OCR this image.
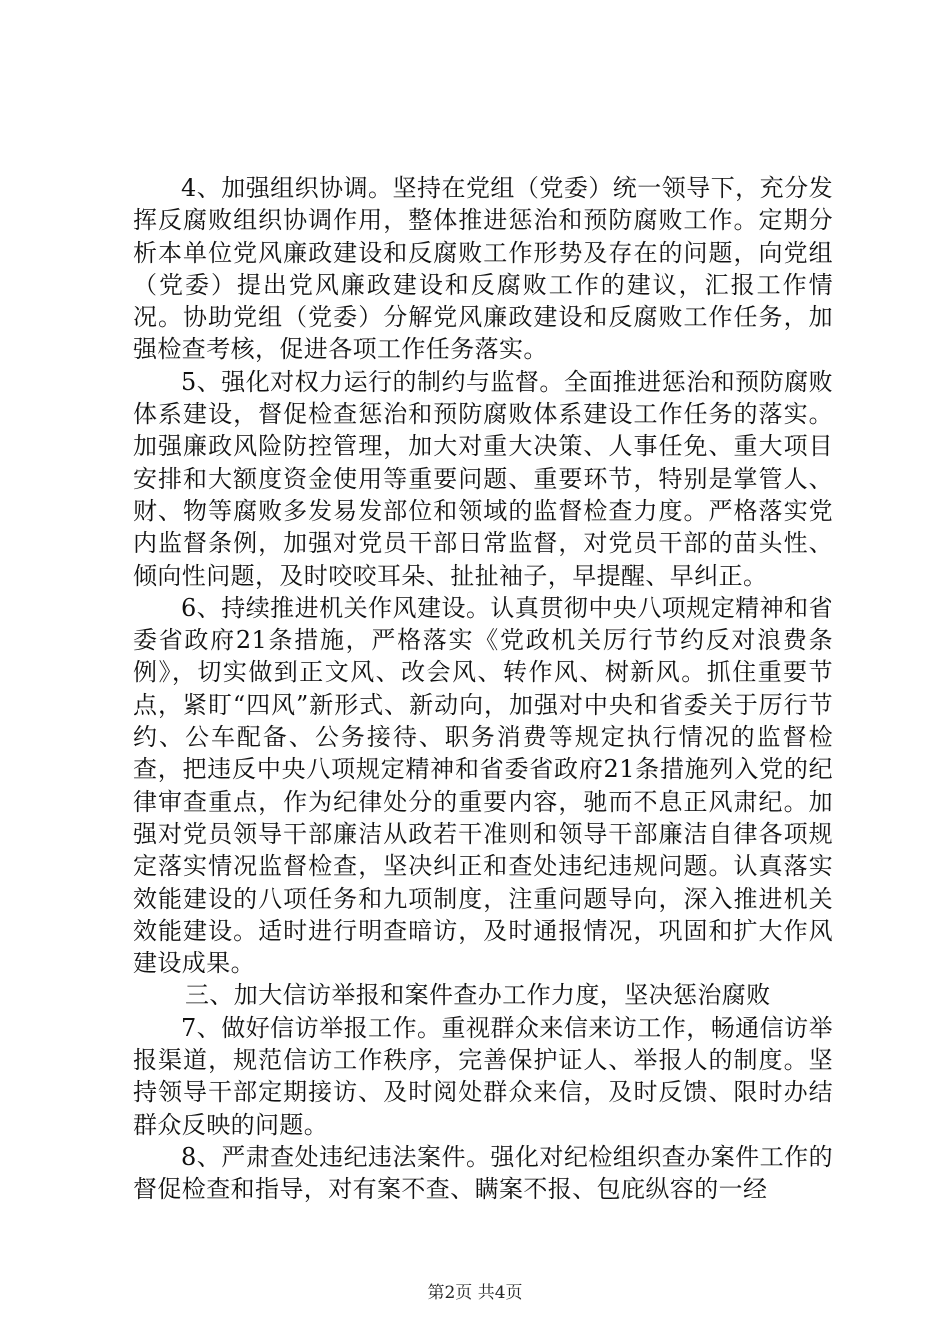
4、加强组织协调。坚持在党组（党委）统一领导下，充分发挥反腐败组织协调作用，整体推进惩治和预防腐败工作。定期分析本单位党风廉政建设和反腐败工作形势及存在的问题，向党组（党委）提出党风廉政建设和反腐败工作的建议，汇报工作情况。协助党组（党委）分解党风廉政建设和反腐败工作任务，加强检查考核，促进各项工作任务落实。

5、强化对权力运行的制约与监督。全面推进惩治和预防腐败体系建设，督促检查惩治和预防腐败体系建设工作任务的落实。加强廉政风险防控管理，加大对重大决策、人事任免、重大项目安排和大额度资金使用等重要问题、重要环节，特别是掌管人、财、物等腐败多发易发部位和领域的监督检查力度。严格落实党内监督条例，加强对党员干部日常监督，对党员干部的苗头性、倾向性问题，及时咬咬耳朵、扯扯袖子，早提醒、早纠正。

6、持续推进机关作风建设。认真贯彻中央八项规定精神和省委省政府21条措施，严格落实《党政机关厉行节约反对浪费条例》，切实做到正文风、改会风、转作风、树新风。抓住重要节点，紧盯“四风”新形式、新动向，加强对中央和省委关于厉行节约、公车配备、公务接待、职务消费等规定执行情况的监督检查，把违反中央八项规定精神和省委省政府21条措施列入党的纪律审查重点，作为纪律处分的重要内容，驰而不息正风肃纪。加强对党员领导干部廉洁从政若干准则和领导干部廉洁自律各项规定落实情况监督检查，坚决纠正和查处违纪违规问题。认真落实效能建设的八项任务和九项制度，注重问题导向，深入推进机关效能建设。适时进行明查暗访，及时通报情况，巩固和扩大作风建设成果。

三、加大信访举报和案件查办工作力度，坚决惩治腐败

7、做好信访举报工作。重视群众来信来访工作，畅通信访举报渠道，规范信访工作秩序，完善保护证人、举报人的制度。坚持领导干部定期接访、及时阅处群众来信，及时反馈、限时办结群众反映的问题。

8、严肃查处违纪违法案件。强化对纪检组织查办案件工作的督促检查和指导，对有案不查、瞒案不报、包庇纵容的一经

第2页 共4页
